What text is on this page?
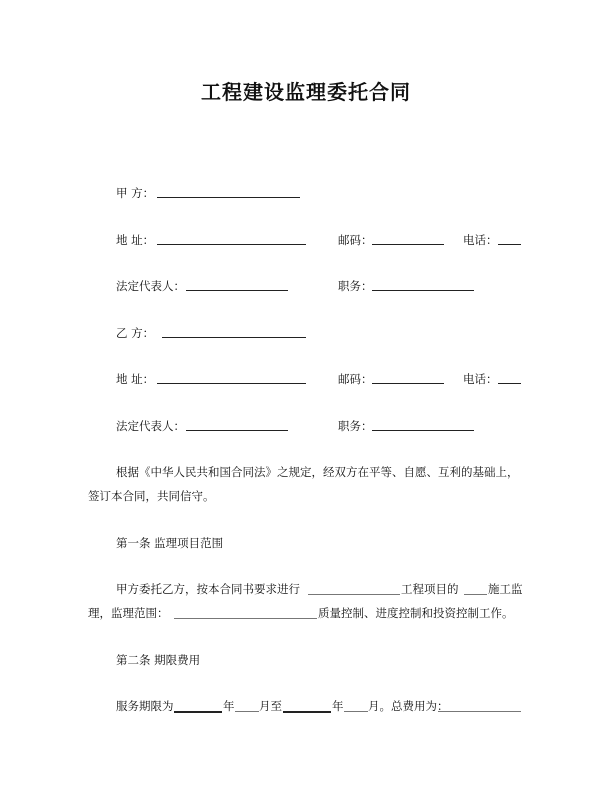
工程建设监理委托合同
甲 方：
地 址：	邮码：	电话：
法定代表人：	职务：
乙 方：
地 址：	邮码：	电话：
法定代表人：	职务：
根据《中华人民共和国合同法》之规定，经双方在平等、自愿、互利的基础上，
签订本合同，共同信守。
第一条 监理项目范围
甲方委托乙方，按本合同书要求进行	工程项目的	施工监
理，监理范围：	质量控制、进度控制和投资控制工作。
第二条 期限费用
服务期限为	年 月至	年 月。总费用为：
